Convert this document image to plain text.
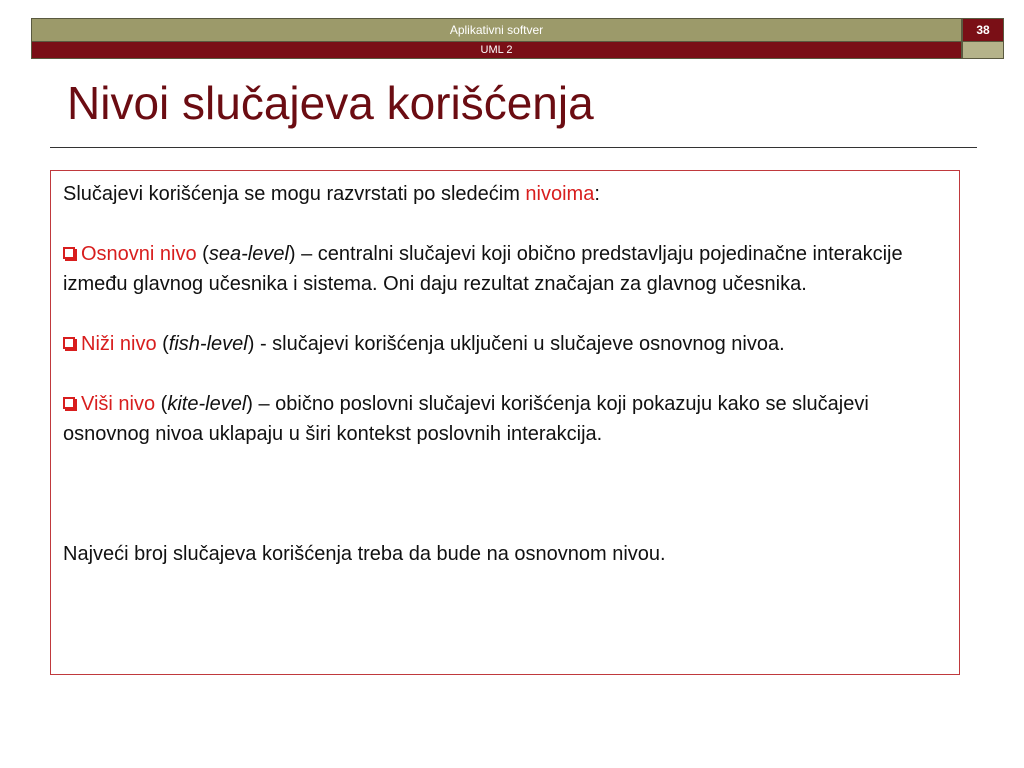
Aplikativni softver	38
UML 2
Nivoi slučajeva korišćenja

Slučajevi korišćenja se mogu razvrstati po sledećim nivoima:

Osnovni nivo (sea-level) – centralni slučajevi koji obično predstavljaju pojedinačne interakcije između glavnog učesnika i sistema. Oni daju rezultat značajan za glavnog učesnika.

Niži nivo (fish-level) - slučajevi korišćenja uključeni u slučajeve osnovnog nivoa.

Viši nivo (kite-level) – obično poslovni slučajevi korišćenja koji pokazuju kako se slučajevi osnovnog nivoa uklapaju u širi kontekst poslovnih interakcija.

Najveći broj slučajeva korišćenja treba da bude na osnovnom nivou.
